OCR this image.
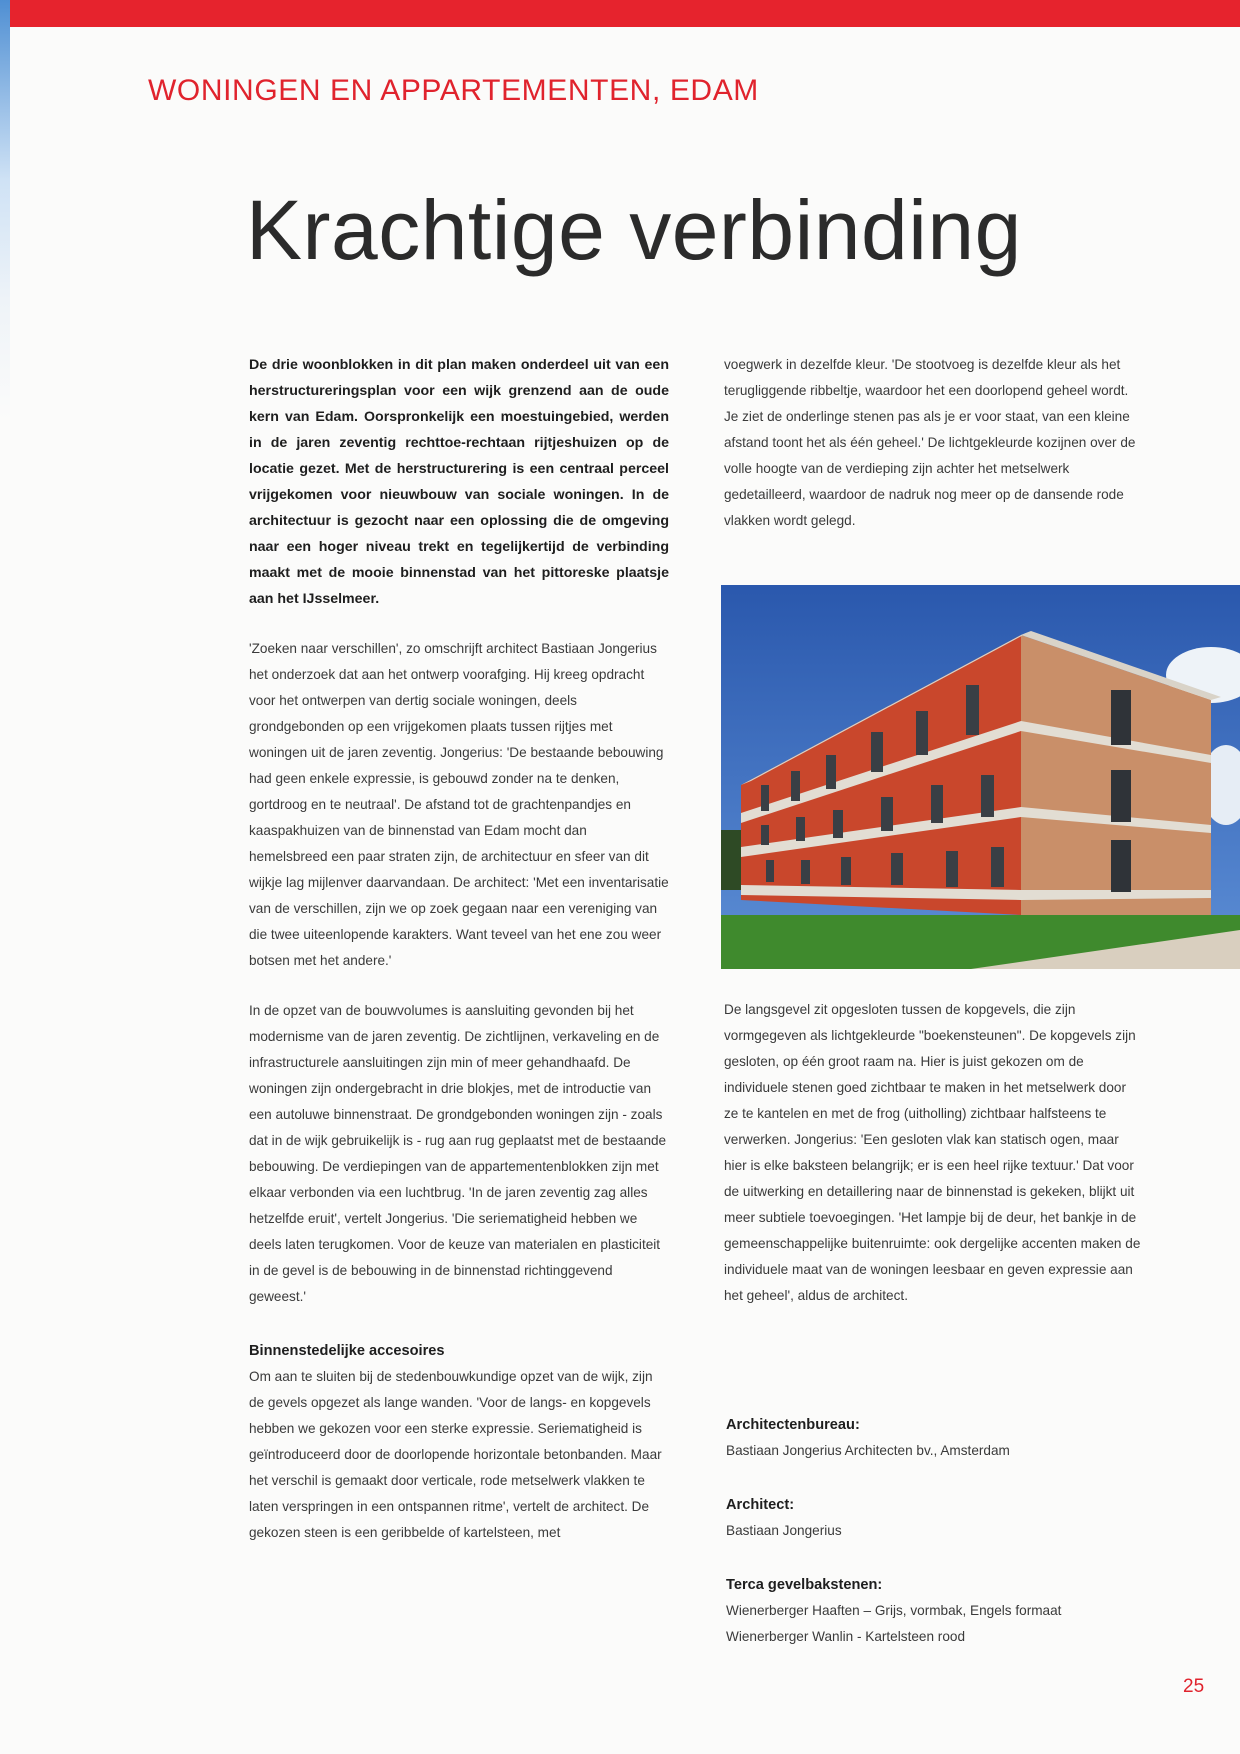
WONINGEN EN APPARTEMENTEN, EDAM
Krachtige verbinding

De drie woonblokken in dit plan maken onderdeel uit van een herstructureringsplan voor een wijk grenzend aan de oude kern van Edam. Oorspronkelijk een moestuingebied, werden in de jaren zeventig rechttoe-rechtaan rijtjeshuizen op de locatie gezet. Met de herstructurering is een centraal perceel vrijgekomen voor nieuwbouw van sociale woningen. In de architectuur is gezocht naar een oplossing die de omgeving naar een hoger niveau trekt en tegelijkertijd de verbinding maakt met de mooie binnenstad van het pittoreske plaatsje aan het IJsselmeer.

'Zoeken naar verschillen', zo omschrijft architect Bastiaan Jongerius het onderzoek dat aan het ontwerp voorafging. Hij kreeg opdracht voor het ontwerpen van dertig sociale woningen, deels grondgebonden op een vrijgekomen plaats tussen rijtjes met woningen uit de jaren zeventig. Jongerius: 'De bestaande bebouwing had geen enkele expressie, is gebouwd zonder na te denken, gortdroog en te neutraal'. De afstand tot de grachtenpandjes en kaaspakhuizen van de binnenstad van Edam mocht dan hemelsbreed een paar straten zijn, de architectuur en sfeer van dit wijkje lag mijlenver daarvandaan. De architect: 'Met een inventarisatie van de verschillen, zijn we op zoek gegaan naar een vereniging van die twee uiteenlopende karakters. Want teveel van het ene zou weer botsen met het andere.'

In de opzet van de bouwvolumes is aansluiting gevonden bij het modernisme van de jaren zeventig. De zichtlijnen, verkaveling en de infrastructurele aansluitingen zijn min of meer gehandhaafd. De woningen zijn ondergebracht in drie blokjes, met de introductie van een autoluwe binnenstraat. De grondgebonden woningen zijn - zoals dat in de wijk gebruikelijk is - rug aan rug geplaatst met de bestaande bebouwing. De verdiepingen van de appartementenblokken zijn met elkaar verbonden via een luchtbrug. 'In de jaren zeventig zag alles hetzelfde eruit', vertelt Jongerius. 'Die seriematigheid hebben we deels laten terugkomen. Voor de keuze van materialen en plasticiteit in de gevel is de bebouwing in de binnenstad richtinggevend geweest.'

Binnenstedelijke accesoires

Om aan te sluiten bij de stedenbouwkundige opzet van de wijk, zijn de gevels opgezet als lange wanden. 'Voor de langs- en kopgevels hebben we gekozen voor een sterke expressie. Seriematigheid is geïntroduceerd door de doorlopende horizontale betonbanden. Maar het verschil is gemaakt door verticale, rode metselwerk vlakken te laten verspringen in een ontspannen ritme', vertelt de architect. De gekozen steen is een geribbelde of kartelsteen, met

voegwerk in dezelfde kleur. 'De stootvoeg is dezelfde kleur als het terugliggende ribbeltje, waardoor het een doorlopend geheel wordt. Je ziet de onderlinge stenen pas als je er voor staat, van een kleine afstand toont het als één geheel.' De lichtgekleurde kozijnen over de volle hoogte van de verdieping zijn achter het metselwerk gedetailleerd, waardoor de nadruk nog meer op de dansende rode vlakken wordt gelegd.

De langsgevel zit opgesloten tussen de kopgevels, die zijn vormgegeven als lichtgekleurde "boekensteunen". De kopgevels zijn gesloten, op één groot raam na. Hier is juist gekozen om de individuele stenen goed zichtbaar te maken in het metselwerk door ze te kantelen en met de frog (uitholling) zichtbaar halfsteens te verwerken. Jongerius: 'Een gesloten vlak kan statisch ogen, maar hier is elke baksteen belangrijk; er is een heel rijke textuur.' Dat voor de uitwerking en detaillering naar de binnenstad is gekeken, blijkt uit meer subtiele toevoegingen. 'Het lampje bij de deur, het bankje in de gemeenschappelijke buitenruimte: ook dergelijke accenten maken de individuele maat van de woningen leesbaar en geven expressie aan het geheel', aldus de architect.

Architectenbureau:

Bastiaan Jongerius Architecten bv., Amsterdam

Architect:

Bastiaan Jongerius

Terca gevelbakstenen:

Wienerberger Haaften – Grijs, vormbak, Engels formaat

Wienerberger Wanlin - Kartelsteen rood

25
